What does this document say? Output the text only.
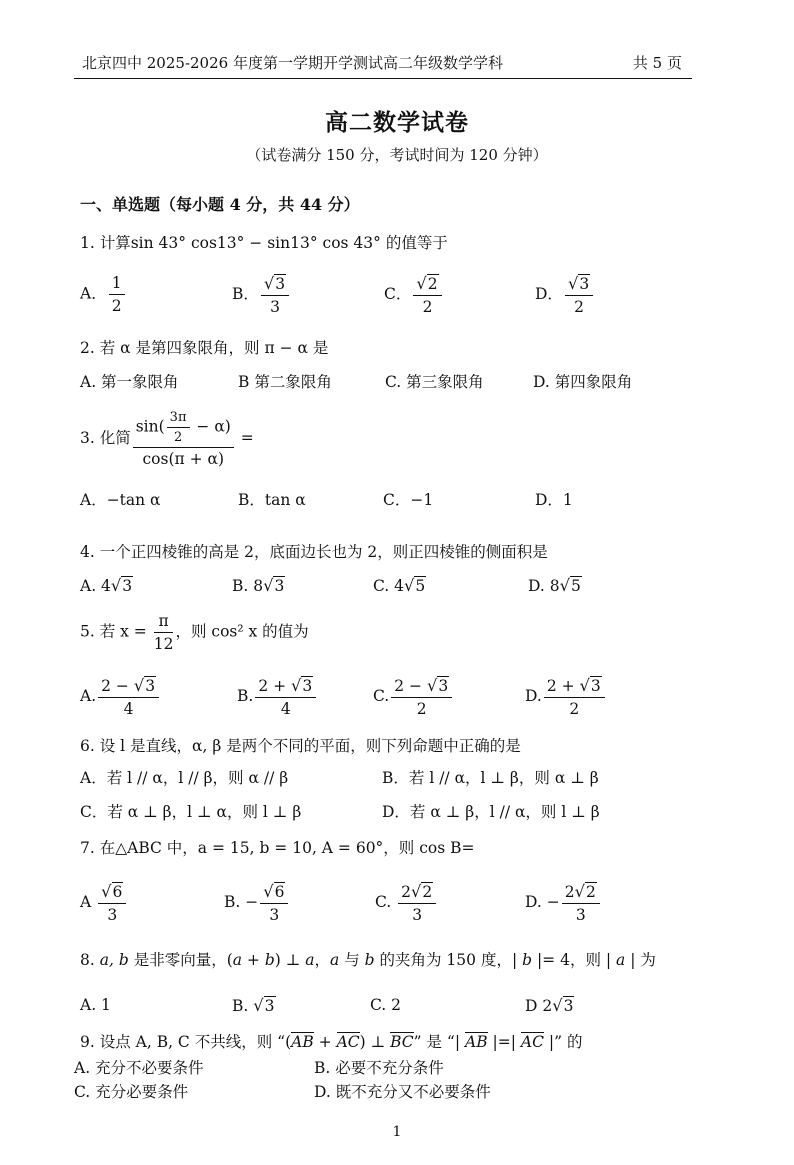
北京四中 2025-2026 年度第一学期开学测试高二年级数学学科	共 5 页
高二数学试卷
（试卷满分 150 分，考试时间为 120 分钟）
一、单选题（每小题 4 分，共 44 分）
1. 计算sin 43° cos13° − sin13° cos 43° 的值等于
A． $\frac{1}{2}$	B． $\frac{√3}{3}$	C． $\frac{√2}{2}$	D． $\frac{√3}{2}$
2. 若 α 是第四象限角，则 π − α 是
A. 第一象限角	B 第二象限角	C. 第三象限角	D. 第四象限角
3. 化简 $\frac{\sin( \frac{3\pi}{2} - \alpha)}{\cos(\pi + \alpha)}$ =
A．−tan α	B．tan α	C．−1	D．1
4. 一个正四棱锥的高是 2，底面边长也为 2，则正四棱锥的侧面积是
A. 4√3	B. 8√3	C. 4√5	D. 8√5
5. 若 $x = \frac{\pi}{12}$ ，则 cos² x 的值为
A. $\frac{2 - √3}{4}$	B. $\frac{2 + √3}{4}$	C. $\frac{2 - √3}{2}$	D. $\frac{2 + √3}{2}$
6. 设 l 是直线，α, β 是两个不同的平面，则下列命题中正确的是
A．若 l // α，l // β，则 α // β	B．若 l // α，l ⊥ β，则 α ⊥ β
C．若 α ⊥ β，l ⊥ α，则 l ⊥ β	D．若 α ⊥ β，l // α，则 l ⊥ β
7. 在△ABC 中，a = 15, b = 10, A = 60°，则 cos B=
A $\frac{√6}{3}$	B. − $\frac{√6}{3}$	C. $\frac{2√2}{3}$	D. − $\frac{2√2}{3}$
8. a, b 是非零向量，(a + b) ⊥ a，a 与 b 的夹角为 150 度，| b |= 4，则 | a | 为
A. 1	B. √3	C. 2	D 2√3
9. 设点 A, B, C 不共线，则 “(AB + AC) ⊥ BC” 是 “| AB |=| AC |” 的
A. 充分不必要条件	B. 必要不充分条件
C. 充分必要条件	D. 既不充分又不必要条件
1
